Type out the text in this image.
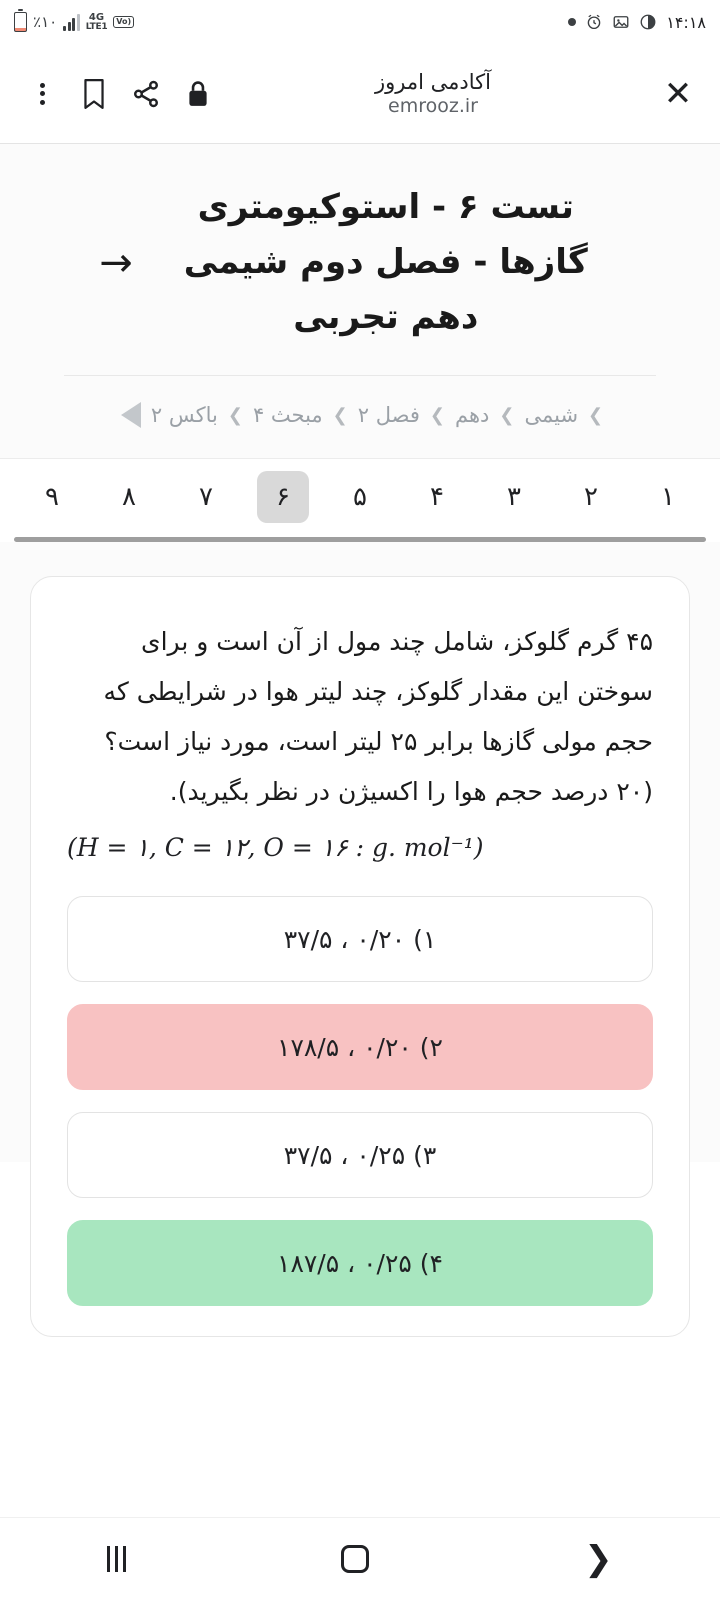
٪١٠	4G
LTE1
Vo)	١۴:١٨
آکادمی امروز
emrooz.ir	✕
تست ۶ - استوکیومتری گازها - فصل دوم شیمی دهم تجربی
→
❯
شیمی
❯
دهم
❯
فصل ۲
❯
مبحث ۴
❯
باکس ۲
۱
۲
۳
۴
۵
۶
۷
۸
۹
۴۵ گرم گلوکز، شامل چند مول از آن است و برای سوختن این مقدار گلوکز، چند لیتر هوا در شرایطی که حجم مولی گازها برابر ۲۵ لیتر است، مورد نیاز است؟ (۲۰ درصد حجم هوا را اکسیژن در نظر بگیرید).
(H = ۱, C = ۱۲, O = ۱۶ : g. mol⁻¹)
۱) ۰/۲۰ ، ۳۷/۵
۲) ۰/۲۰ ، ۱۷۸/۵
۳) ۰/۲۵ ، ۳۷/۵
۴) ۰/۲۵ ، ۱۸۷/۵
❯
